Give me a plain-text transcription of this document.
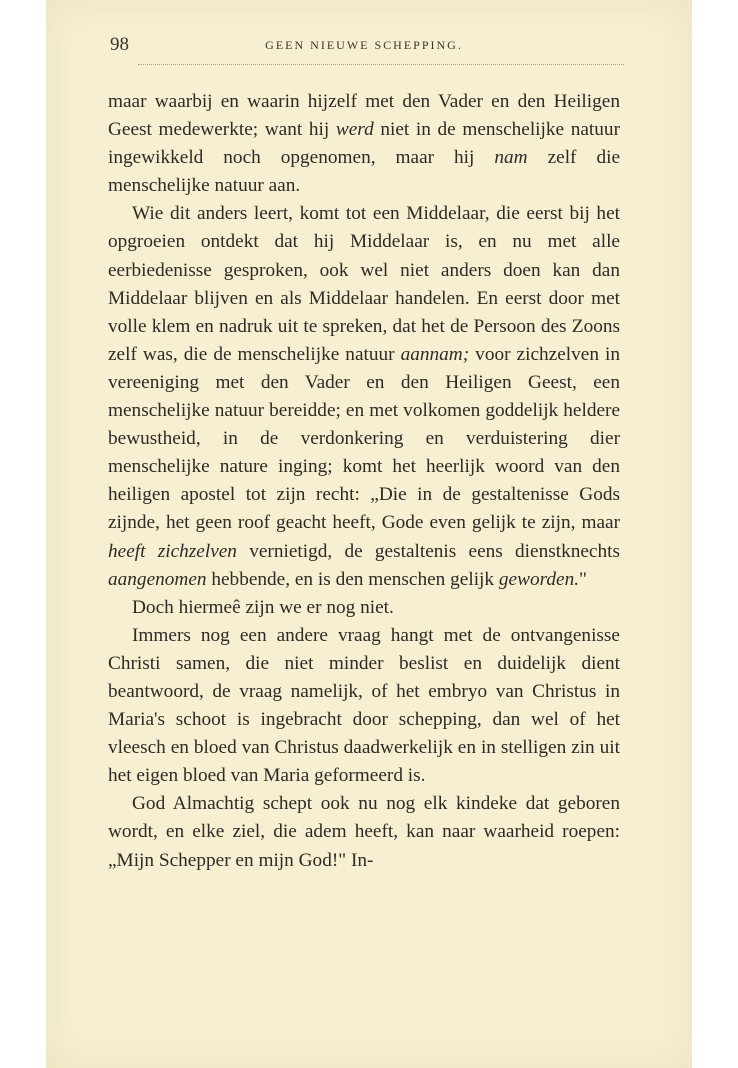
98	GEEN NIEUWE SCHEPPING.

maar waarbij en waarin hijzelf met den Vader en den Heiligen Geest medewerkte; want hij werd niet in de menschelijke natuur ingewikkeld noch opgenomen, maar hij nam zelf die menschelijke natuur aan.

Wie dit anders leert, komt tot een Middelaar, die eerst bij het opgroeien ontdekt dat hij Middelaar is, en nu met alle eerbiedenisse gesproken, ook wel niet anders doen kan dan Middelaar blijven en als Middelaar handelen. En eerst door met volle klem en nadruk uit te spreken, dat het de Persoon des Zoons zelf was, die de menschelijke natuur aannam; voor zichzelven in vereeniging met den Vader en den Heiligen Geest, een menschelijke natuur bereidde; en met volkomen goddelijk heldere bewustheid, in de verdonkering en verduistering dier menschelijke nature inging; komt het heerlijk woord van den heiligen apostel tot zijn recht: „Die in de gestaltenisse Gods zijnde, het geen roof geacht heeft, Gode even gelijk te zijn, maar heeft zichzelven vernietigd, de gestaltenis eens dienstknechts aangenomen hebbende, en is den menschen gelijk geworden."

Doch hiermeê zijn we er nog niet.

Immers nog een andere vraag hangt met de ontvangenisse Christi samen, die niet minder beslist en duidelijk dient beantwoord, de vraag namelijk, of het embryo van Christus in Maria's schoot is ingebracht door schepping, dan wel of het vleesch en bloed van Christus daadwerkelijk en in stelligen zin uit het eigen bloed van Maria geformeerd is.

God Almachtig schept ook nu nog elk kindeke dat geboren wordt, en elke ziel, die adem heeft, kan naar waarheid roepen: „Mijn Schepper en mijn God!" In-
